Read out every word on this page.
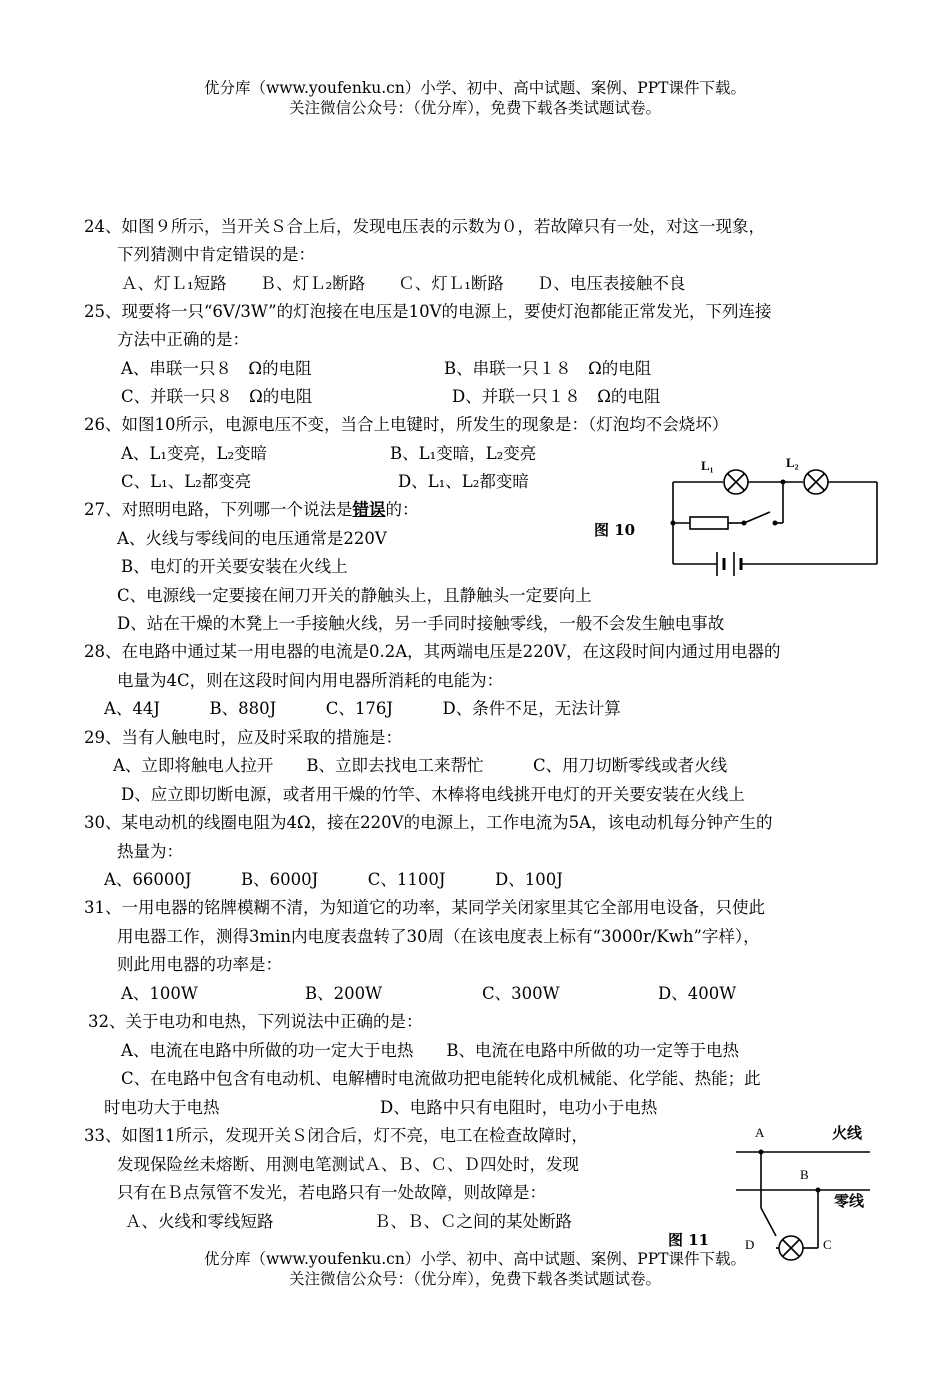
优分库（www.youfenku.cn）小学、初中、高中试题、案例、PPT课件下载。
关注微信公众号：（优分库），免费下载各类试题试卷。
24、如图９所示，当开关Ｓ合上后，发现电压表的示数为０，若故障只有一处，对这一现象，
下列猜测中肯定错误的是：
Ａ、灯Ｌ₁短路　　Ｂ、灯Ｌ₂断路　　Ｃ、灯Ｌ₁断路　　Ｄ、电压表接触不良
25、现要将一只“6V/3W”的灯泡接在电压是10V的电源上，要使灯泡都能正常发光，下列连接
方法中正确的是：
A、串联一只８　Ω的电阻	B、串联一只１８　Ω的电阻
C、并联一只８　Ω的电阻	D、并联一只１８　Ω的电阻
26、如图10所示，电源电压不变，当合上电键时，所发生的现象是：（灯泡均不会烧坏）
A、L₁变亮，L₂变暗	B、L₁变暗，L₂变亮
C、L₁、L₂都变亮	D、L₁、L₂都变暗
图 10
L₁	L₂
27、对照明电路，下列哪一个说法是错误的：
A、火线与零线间的电压通常是220V
B、电灯的开关要安装在火线上
C、电源线一定要接在闸刀开关的静触头上，且静触头一定要向上
D、站在干燥的木凳上一手接触火线，另一手同时接触零线，一般不会发生触电事故
28、在电路中通过某一用电器的电流是0.2A，其两端电压是220V，在这段时间内通过用电器的
电量为4C，则在这段时间内用电器所消耗的电能为：
A、44J　　　B、880J　　　C、176J　　　D、条件不足，无法计算
29、当有人触电时，应及时采取的措施是：
A、立即将触电人拉开　　B、立即去找电工来帮忙　　　C、用刀切断零线或者火线
D、应立即切断电源，或者用干燥的竹竿、木棒将电线挑开电灯的开关要安装在火线上
30、某电动机的线圈电阻为4Ω，接在220V的电源上，工作电流为5A，该电动机每分钟产生的
热量为：
A、66000J　　　B、6000J　　　C、1100J　　　D、100J
31、一用电器的铭牌模糊不清，为知道它的功率，某同学关闭家里其它全部用电设备，只使此
用电器工作，测得3min内电度表盘转了30周（在该电度表上标有“3000r/Kwh”字样），
则此用电器的功率是：
A、100W	B、200W	C、300W	D、400W
32、关于电功和电热，下列说法中正确的是：
A、电流在电路中所做的功一定大于电热　　B、电流在电路中所做的功一定等于电热
C、在电路中包含有电动机、电解槽时电流做功把电能转化成机械能、化学能、热能；此
时电功大于电热	D、电路中只有电阻时，电功小于电热
33、如图11所示，发现开关Ｓ闭合后，灯不亮，电工在检查故障时，
发现保险丝未熔断、用测电笔测试Ａ、Ｂ、Ｃ、Ｄ四处时，发现
只有在Ｂ点氖管不发光，若电路只有一处故障，则故障是：
Ａ、火线和零线短路	Ｂ、Ｂ、Ｃ之间的某处断路
图 11
A	火线
B
零线
D	C
优分库（www.youfenku.cn）小学、初中、高中试题、案例、PPT课件下载。
关注微信公众号：（优分库），免费下载各类试题试卷。
